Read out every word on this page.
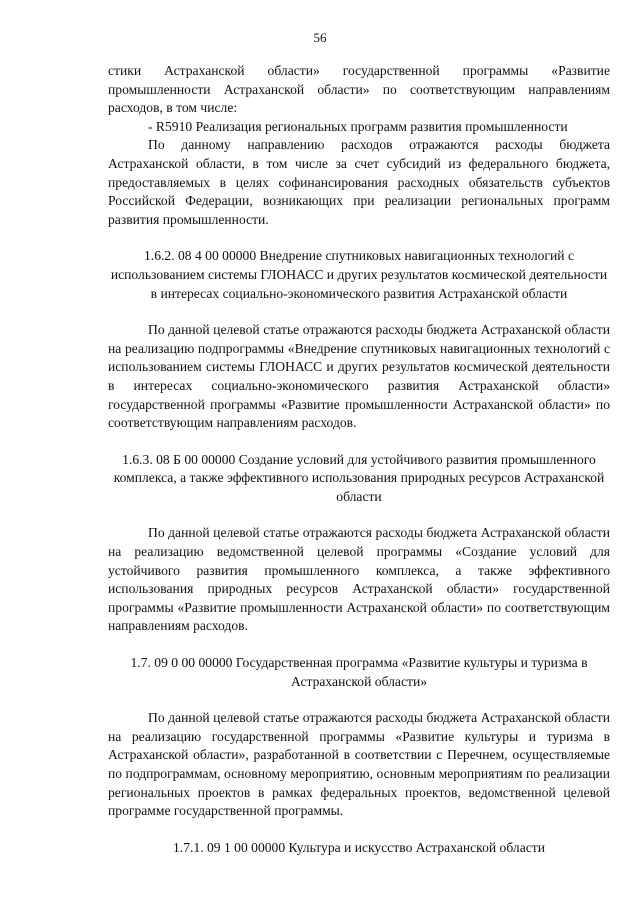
56

стики Астраханской области» государственной программы «Развитие промышленности Астраханской области» по соответствующим направлениям расходов, в том числе:

- R5910 Реализация региональных программ развития промышленности

По данному направлению расходов отражаются расходы бюджета Астраханской области, в том числе за счет субсидий из федерального бюджета, предоставляемых в целях софинансирования расходных обязательств субъектов Российской Федерации, возникающих при реализации региональных программ развития промышленности.

1.6.2. 08 4 00 00000 Внедрение спутниковых навигационных технологий с использованием системы ГЛОНАСС и других результатов космической деятельности в интересах социально-экономического развития Астраханской области

По данной целевой статье отражаются расходы бюджета Астраханской области на реализацию подпрограммы «Внедрение спутниковых навигационных технологий с использованием системы ГЛОНАСС и других результатов космической деятельности в интересах социально-экономического развития Астраханской области» государственной программы «Развитие промышленности Астраханской области» по соответствующим направлениям расходов.

1.6.3. 08 Б 00 00000 Создание условий для устойчивого развития промышленного комплекса, а также эффективного использования природных ресурсов Астраханской области

По данной целевой статье отражаются расходы бюджета Астраханской области на реализацию ведомственной целевой программы «Создание условий для устойчивого развития промышленного комплекса, а также эффективного использования природных ресурсов Астраханской области» государственной программы «Развитие промышленности Астраханской области» по соответствующим направлениям расходов.

1.7. 09 0 00 00000 Государственная программа «Развитие культуры и туризма в Астраханской области»

По данной целевой статье отражаются расходы бюджета Астраханской области на реализацию государственной программы «Развитие культуры и туризма в Астраханской области», разработанной в соответствии с Перечнем, осуществляемые по подпрограммам, основному мероприятию, основным мероприятиям по реализации региональных проектов в рамках федеральных проектов, ведомственной целевой программе государственной программы.

1.7.1. 09 1 00 00000 Культура и искусство Астраханской области
